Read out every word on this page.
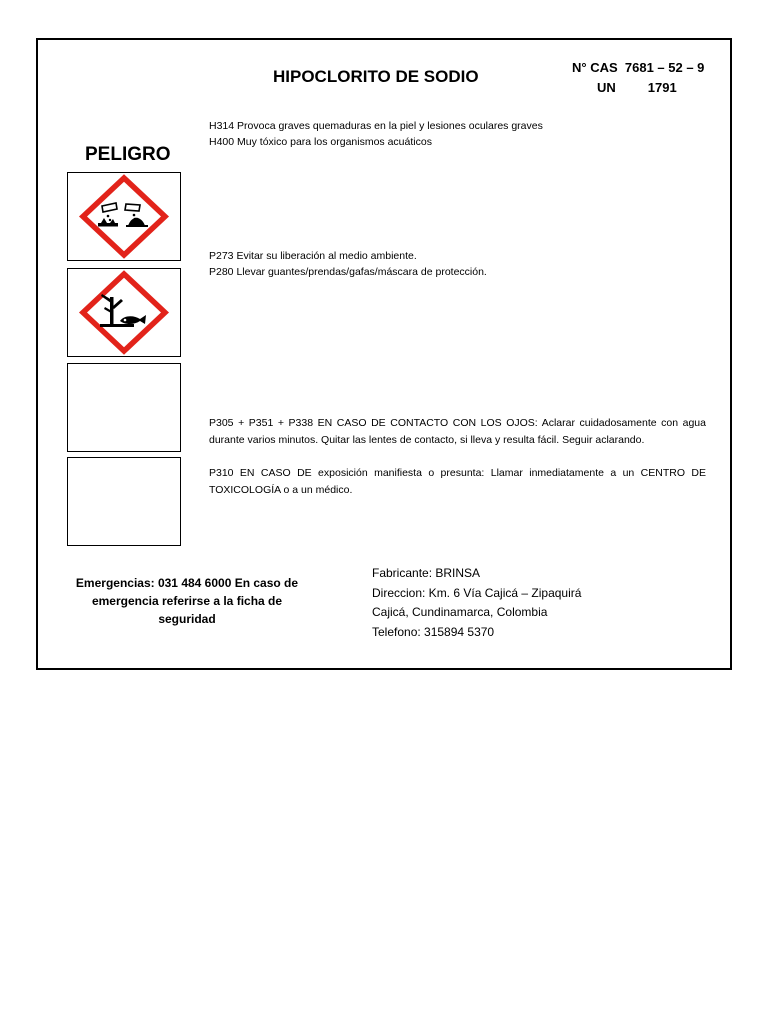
HIPOCLORITO DE SODIO	N° CAS 7681 – 52 – 9
UN 1791
PELIGRO
H314 Provoca graves quemaduras en la piel y lesiones oculares graves
H400 Muy tóxico para los organismos acuáticos
P273 Evitar su liberación al medio ambiente.
P280 Llevar guantes/prendas/gafas/máscara de protección.
P305 + P351 + P338 EN CASO DE CONTACTO CON LOS OJOS: Aclarar cuidadosamente con agua durante varios minutos. Quitar las lentes de contacto, si lleva y resulta fácil. Seguir aclarando.
P310 EN CASO DE exposición manifiesta o presunta: Llamar inmediatamente a un CENTRO DE TOXICOLOGÍA o a un médico.
Emergencias: 031 484 6000 En caso de emergencia referirse a la ficha de seguridad
Fabricante: BRINSA
Direccion: Km. 6 Vía Cajicá – Zipaquirá
Cajicá, Cundinamarca, Colombia
Telefono: 315894 5370
